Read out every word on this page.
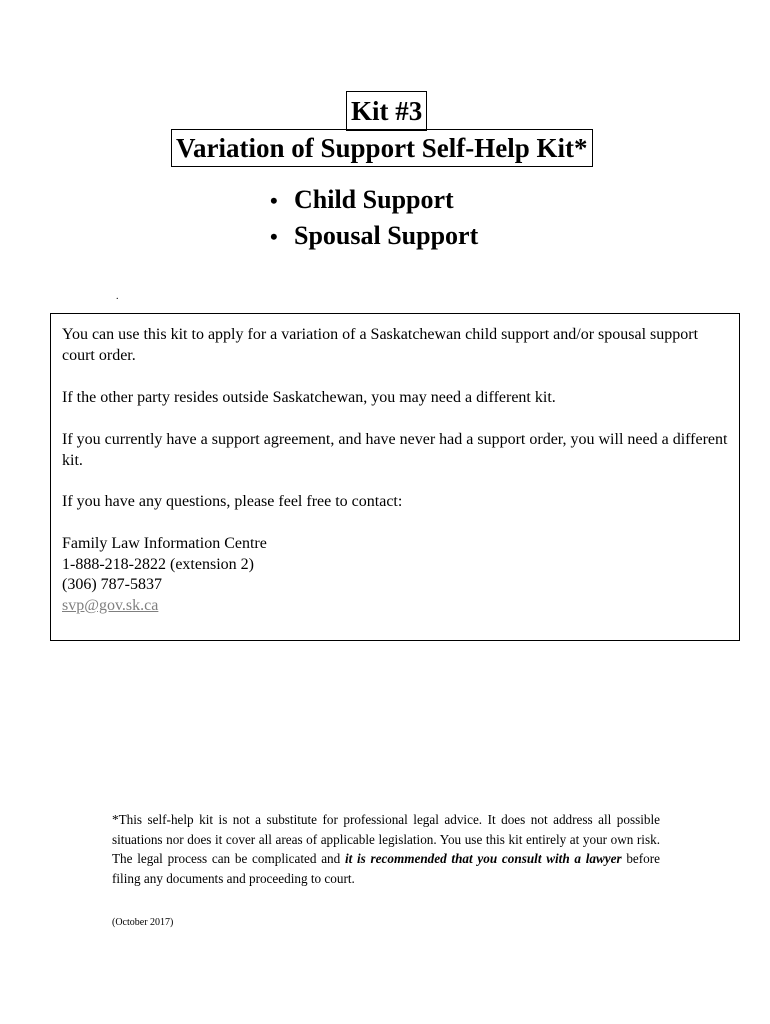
Kit #3
Variation of Support Self-Help Kit*
• Child Support
• Spousal Support
.

You can use this kit to apply for a variation of a Saskatchewan child support and/or spousal support court order.

If the other party resides outside Saskatchewan, you may need a different kit.

If you currently have a support agreement, and have never had a support order, you will need a different kit.

If you have any questions, please feel free to contact:

Family Law Information Centre
1-888-218-2822 (extension 2)
(306) 787-5837
svp@gov.sk.ca

*This self-help kit is not a substitute for professional legal advice. It does not address all possible situations nor does it cover all areas of applicable legislation. You use this kit entirely at your own risk. The legal process can be complicated and it is recommended that you consult with a lawyer before filing any documents and proceeding to court.

(October 2017)
